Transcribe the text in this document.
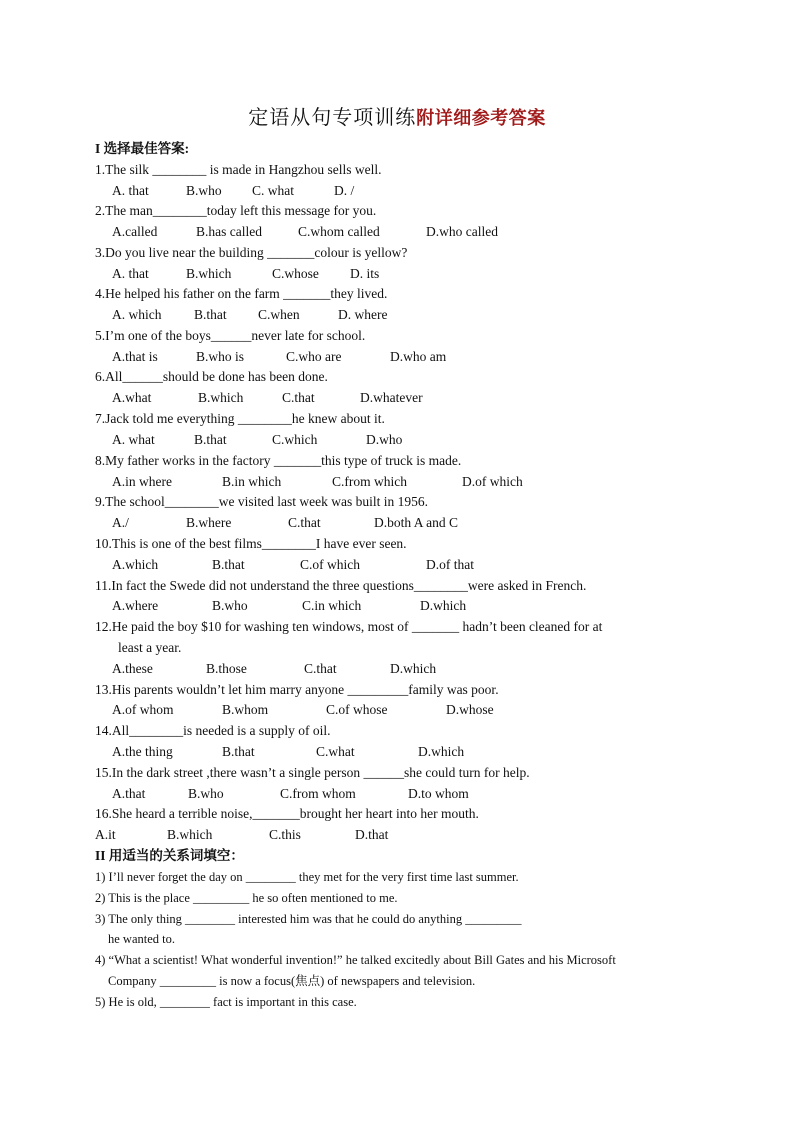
定语从句专项训练附详细参考答案
I 选择最佳答案:
1.The silk ________ is made in Hangzhou sells well.
A. that	B.who C. what	D. /
2.The man________today left this message for you.
A.called	B.has called	C.whom called	D.who called
3.Do you live near the building _______colour is yellow?
A. that	B.which	C.whose D. its
4.He helped his father on the farm _______they lived.
A. which B.that C.when	D. where
5.I’m one of the boys______never late for school.
A.that is	B.who is	C.who are	D.who am
6.All______should be done has been done.
A.what	B.which	C.that	D.whatever
7.Jack told me everything ________he knew about it.
A. what	B.that	C.which	D.who
8.My father works in the factory _______this type of truck is made.
A.in where	B.in which	C.from which	D.of which
9.The school________we visited last week was built in 1956.
A./	B.where	C.that	D.both A and C
10.This is one of the best films________I have ever seen.
A.which	B.that	C.of which	D.of that
11.In fact the Swede did not understand the three questions________were asked in French.
A.where	B.who	C.in which	D.which
12.He paid the boy $10 for washing ten windows, most of _______ hadn’t been cleaned for at
least a year.
A.these	B.those	C.that	D.which
13.His parents wouldn’t let him marry anyone _________family was poor.
A.of whom	B.whom	C.of whose	D.whose
14.All________is needed is a supply of oil.
A.the thing	B.that	C.what	D.which
15.In the dark street ,there wasn’t a single person ______she could turn for help.
A.that	B.who	C.from whom	D.to whom
16.She heard a terrible noise,_______brought her heart into her mouth.
A.it	B.which	C.this	D.that
II 用适当的关系词填空：
1) I’ll never forget the day on ________ they met for the very first time last summer.
2) This is the place _________ he so often mentioned to me.
3) The only thing ________ interested him was that he could do anything _________
he wanted to.
4) “What a scientist! What wonderful invention!” he talked excitedly about Bill Gates and his Microsoft
Company _________ is now a focus(焦点) of newspapers and television.
5) He is old, ________ fact is important in this case.
